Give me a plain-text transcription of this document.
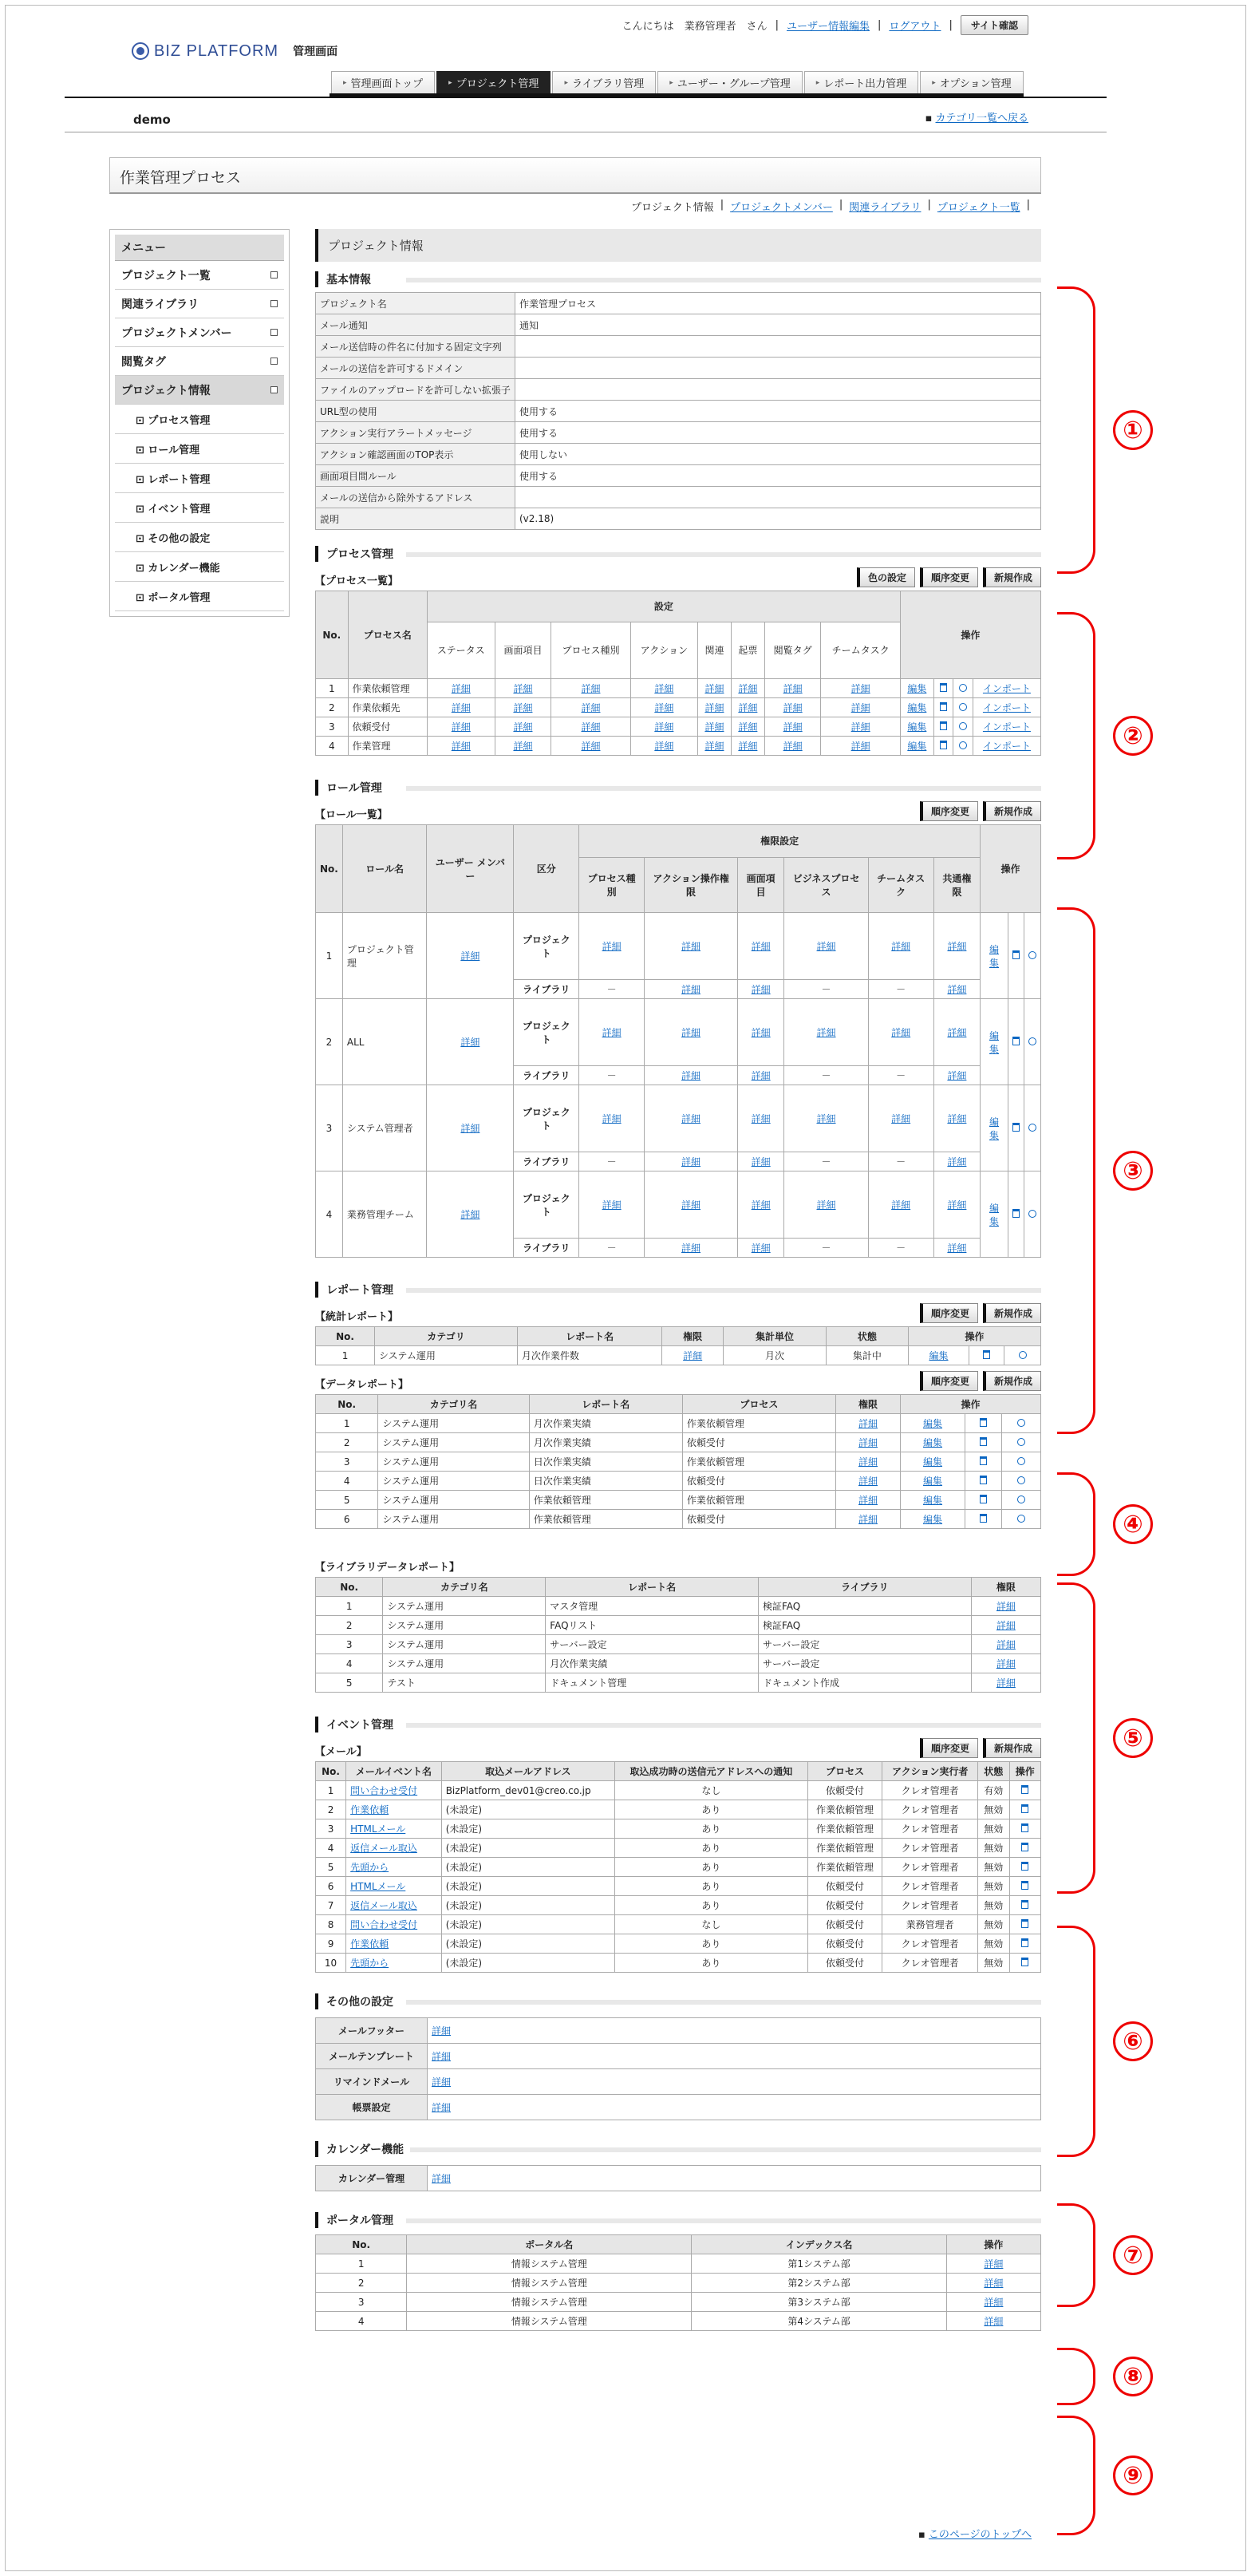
BIZ PLATFORM 管理画面
こんにちは　業務管理者　さん | ユーザー情報編集 | ログアウト |	サイト確認
▸ 管理画面トップ	▸ プロジェクト管理	▸ ライブラリ管理	▸ ユーザー・グループ管理	▸ レポート出力管理	▸ オプション管理
demo	▪ カテゴリ一覧へ戻る
作業管理プロセス
プロジェクト情報 | プロジェクトメンバー | 関連ライブラリ | プロジェクト一覧 |
メニュー
プロジェクト一覧
関連ライブラリ
プロジェクトメンバー
閲覧タグ
プロジェクト情報
⊡ プロセス管理
⊡ ロール管理
⊡ レポート管理
⊡ イベント管理
⊡ その他の設定
⊡ カレンダー機能
⊡ ポータル管理
プロジェクト情報
基本情報
プロジェクト名	作業管理プロセス
メール通知	通知
メール送信時の件名に付加する固定文字列	
メールの送信を許可するドメイン	
ファイルのアップロードを許可しない拡張子	
URL型の使用	使用する
アクション実行アラートメッセージ	使用する
アクション確認画面のTOP表示	使用しない
画面項目間ルール	使用する
メールの送信から除外するアドレス	
説明	(v2.18)
プロセス管理
【プロセス一覧】	色の設定	順序変更	新規作成
No.	プロセス名	設定								操作			
		ステータス	画面項目	プロセス種別	アクション	関連	起票	閲覧タグ	チームタスク				
1	作業依頼管理	詳細	詳細	詳細	詳細	詳細	詳細	詳細	詳細	編集			インポート
2	作業依頼先	詳細	詳細	詳細	詳細	詳細	詳細	詳細	詳細	編集			インポート
3	依頼受付	詳細	詳細	詳細	詳細	詳細	詳細	詳細	詳細	編集			インポート
4	作業管理	詳細	詳細	詳細	詳細	詳細	詳細	詳細	詳細	編集			インポート
ロール管理
【ロール一覧】	順序変更	新規作成
No.	ロール名	ユーザー メンバー	区分	権限設定						操作		
				プロセス種別	アクション操作権限	画面項目	ビジネスプロセス	チームタスク	共通権限			
1	プロジェクト管理	詳細	プロジェクト	詳細	詳細	詳細	詳細	詳細	詳細	編集		
			ライブラリ	－	詳細	詳細	－	－	詳細			
2	ALL	詳細	プロジェクト	詳細	詳細	詳細	詳細	詳細	詳細	編集		
			ライブラリ	－	詳細	詳細	－	－	詳細			
3	システム管理者	詳細	プロジェクト	詳細	詳細	詳細	詳細	詳細	詳細	編集		
			ライブラリ	－	詳細	詳細	－	－	詳細			
4	業務管理チーム	詳細	プロジェクト	詳細	詳細	詳細	詳細	詳細	詳細	編集		
			ライブラリ	－	詳細	詳細	－	－	詳細			
レポート管理
【統計レポート】	順序変更	新規作成
No.	カテゴリ	レポート名	権限	集計単位	状態	操作		
1	システム運用	月次作業件数	詳細	月次	集計中	編集		
【データレポート】	順序変更	新規作成
No.	カテゴリ名	レポート名	プロセス	権限	操作		
1	システム運用	月次作業実績	作業依頼管理	詳細	編集		
2	システム運用	月次作業実績	依頼受付	詳細	編集		
3	システム運用	日次作業実績	作業依頼管理	詳細	編集		
4	システム運用	日次作業実績	依頼受付	詳細	編集		
5	システム運用	作業依頼管理	作業依頼管理	詳細	編集		
6	システム運用	作業依頼管理	依頼受付	詳細	編集		
【ライブラリデータレポート】
No.	カテゴリ名	レポート名	ライブラリ	権限
1	システム運用	マスタ管理	検証FAQ	詳細
2	システム運用	FAQリスト	検証FAQ	詳細
3	システム運用	サーバー設定	サーバー設定	詳細
4	システム運用	月次作業実績	サーバー設定	詳細
5	テスト	ドキュメント管理	ドキュメント作成	詳細
イベント管理
【メール】	順序変更	新規作成
No.	メールイベント名	取込メールアドレス	取込成功時の送信元アドレスへの通知	プロセス	アクション実行者	状態	操作
1	問い合わせ受付	BizPlatform_dev01@creo.co.jp	なし	依頼受付	クレオ管理者	有効	
2	作業依頼	(未設定)	あり	作業依頼管理	クレオ管理者	無効	
3	HTMLメール	(未設定)	あり	作業依頼管理	クレオ管理者	無効	
4	返信メール取込	(未設定)	あり	作業依頼管理	クレオ管理者	無効	
5	先頭から	(未設定)	あり	作業依頼管理	クレオ管理者	無効	
6	HTMLメール	(未設定)	あり	依頼受付	クレオ管理者	無効	
7	返信メール取込	(未設定)	あり	依頼受付	クレオ管理者	無効	
8	問い合わせ受付	(未設定)	なし	依頼受付	業務管理者	無効	
9	作業依頼	(未設定)	あり	依頼受付	クレオ管理者	無効	
10	先頭から	(未設定)	あり	依頼受付	クレオ管理者	無効	
その他の設定
メールフッター	詳細
メールテンプレート	詳細
リマインドメール	詳細
帳票設定	詳細
カレンダー機能
カレンダー管理	詳細
ポータル管理
No.	ポータル名	インデックス名	操作
1	情報システム管理	第1システム部	詳細
2	情報システム管理	第2システム部	詳細
3	情報システム管理	第3システム部	詳細
4	情報システム管理	第4システム部	詳細
▪ このページのトップへ
①
②
③
④
⑤
⑥
⑦
⑧
⑨
